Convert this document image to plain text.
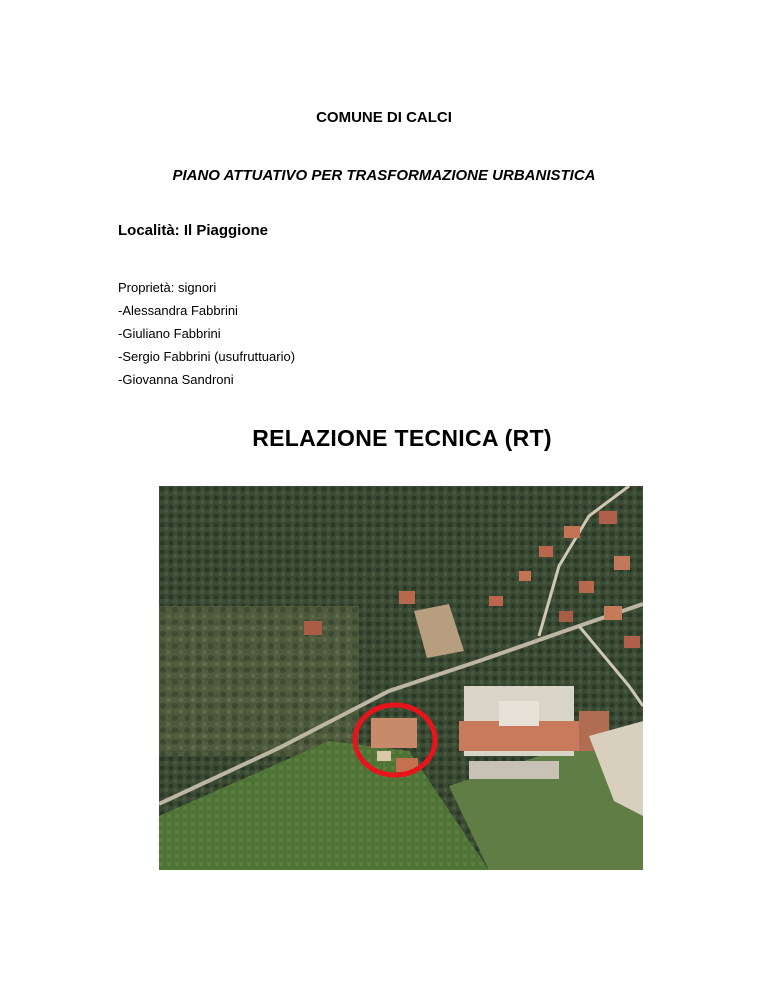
COMUNE DI CALCI
PIANO ATTUATIVO PER TRASFORMAZIONE URBANISTICA
Località: Il Piaggione
Proprietà: signori
-Alessandra Fabbrini
-Giuliano Fabbrini
-Sergio Fabbrini (usufruttuario)
-Giovanna Sandroni
RELAZIONE TECNICA (RT)
